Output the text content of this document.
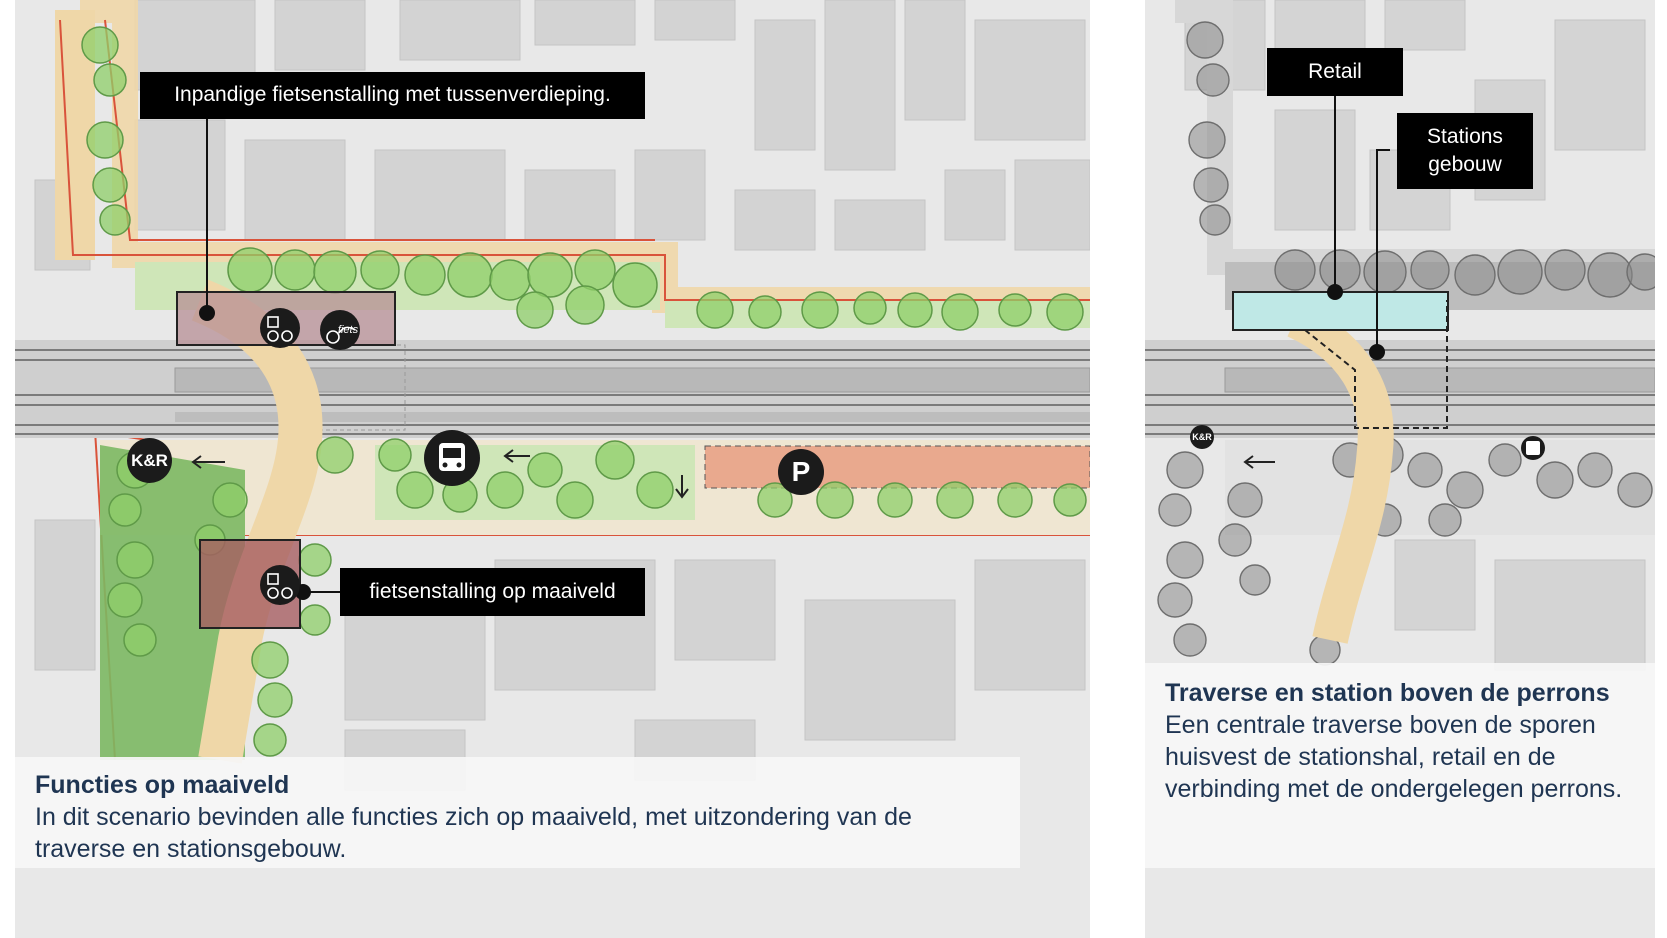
Inpandige fietsenstalling met tussenverdieping.
fietsenstalling op maaiveld
K&R	P
fiets
Functies op maaiveld
In dit scenario bevinden alle functies zich op maaiveld, met uitzondering van de traverse en stationsgebouw.
Retail
Stations
gebouw
K&R
Traverse en station boven de perrons
Een centrale traverse boven de sporen huisvest de stationshal, retail en de verbinding met de ondergelegen perrons.
